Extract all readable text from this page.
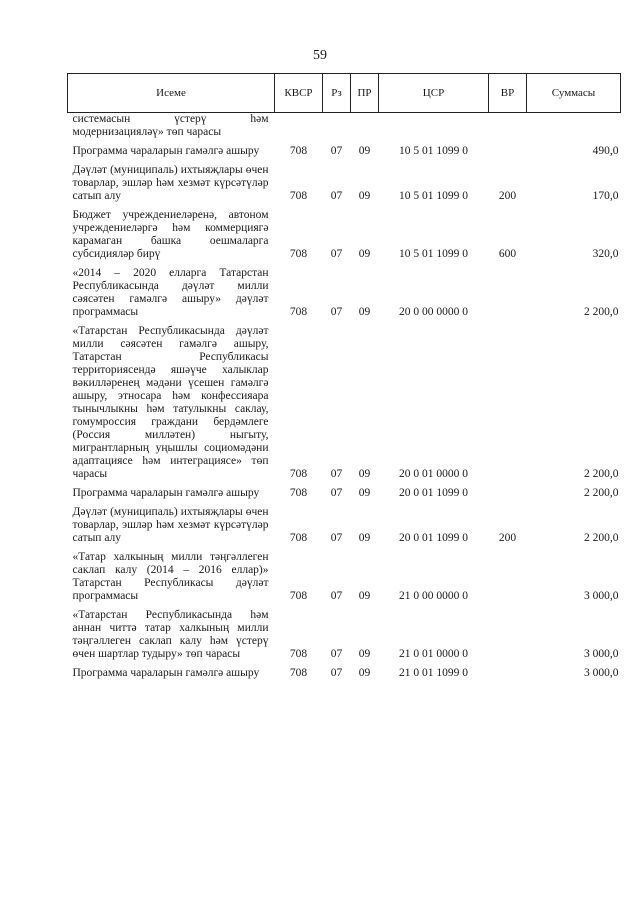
59
Исеме	КВСР	Рз	ПР	ЦСР	ВР	Суммасы
системасын үстерү һәм модернизацияләү» төп чарасы						
Программа чараларын гамәлгә ашыру	708	07	09	10 5 01 1099 0		490,0
Дәүләт (муниципаль) ихтыяҗлары өчен товарлар, эшләр һәм хезмәт күрсәтүләр сатып алу	708	07	09	10 5 01 1099 0	200	170,0
Бюджет учреждениеләренә, автоном учреждениеләргә һәм коммерциягә карамаган башка оешмаларга субсидияләр бирү	708	07	09	10 5 01 1099 0	600	320,0
«2014 – 2020 елларга Татарстан Республикасында дәүләт милли сәясәтен гамәлгә ашыру» дәүләт программасы	708	07	09	20 0 00 0000 0		2 200,0
«Татарстан Республикасында дәүләт милли сәясәтен гамәлгә ашыру, Татарстан Республикасы территориясендә яшәүче халыклар вәкилләренең мәдәни үсешен гамәлгә ашыру, этносара һәм конфессияара тынычлыкны һәм татулыкны саклау, гомумроссия граждани бердәмлеге (Россия милләтен) ныгыту, мигрантларның уңышлы социомәдәни адаптациясе һәм интеграциясе» төп чарасы	708	07	09	20 0 01 0000 0		2 200,0
Программа чараларын гамәлгә ашыру	708	07	09	20 0 01 1099 0		2 200,0
Дәүләт (муниципаль) ихтыяҗлары өчен товарлар, эшләр һәм хезмәт күрсәтүләр сатып алу	708	07	09	20 0 01 1099 0	200	2 200,0
«Татар халкының милли тәңгәллеген саклап калу (2014 – 2016 еллар)» Татарстан Республикасы дәүләт программасы	708	07	09	21 0 00 0000 0		3 000,0
«Татарстан Республикасында һәм аннан читтә татар халкының милли тәңгәллеген саклап калу һәм үстерү өчен шартлар тудыру» төп чарасы	708	07	09	21 0 01 0000 0		3 000,0
Программа чараларын гамәлгә ашыру	708	07	09	21 0 01 1099 0		3 000,0
